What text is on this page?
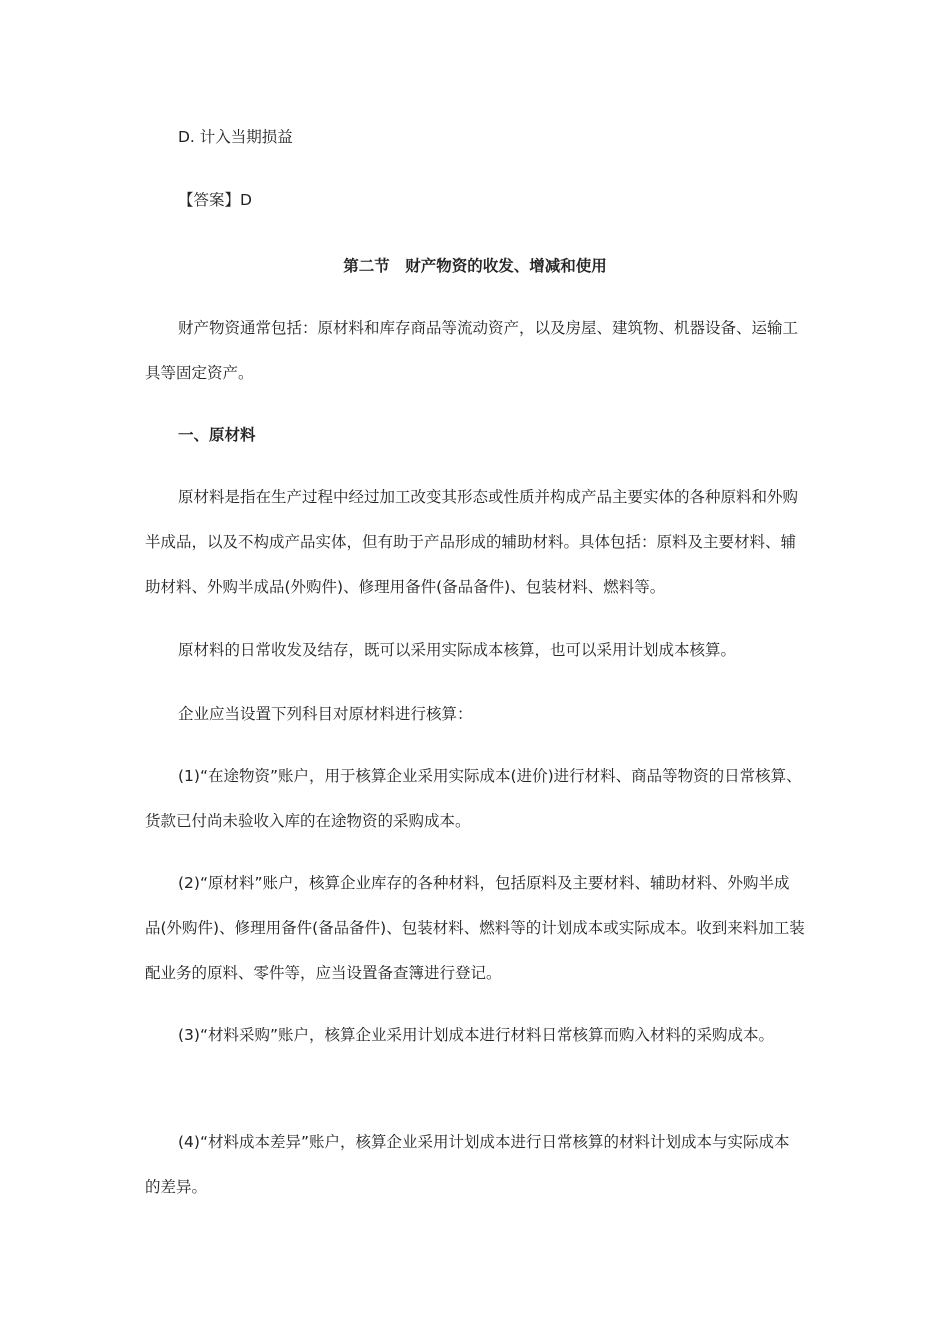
D. 计入当期损益

【答案】D

第二节　财产物资的收发、增减和使用

财产物资通常包括：原材料和库存商品等流动资产，以及房屋、建筑物、机器设备、运输工具等固定资产。

一、原材料

原材料是指在生产过程中经过加工改变其形态或性质并构成产品主要实体的各种原料和外购半成品，以及不构成产品实体，但有助于产品形成的辅助材料。具体包括：原料及主要材料、辅助材料、外购半成品(外购件)、修理用备件(备品备件)、包装材料、燃料等。

原材料的日常收发及结存，既可以采用实际成本核算，也可以采用计划成本核算。

企业应当设置下列科目对原材料进行核算：

(1)“在途物资”账户，用于核算企业采用实际成本(进价)进行材料、商品等物资的日常核算、货款已付尚未验收入库的在途物资的采购成本。

(2)“原材料”账户，核算企业库存的各种材料，包括原料及主要材料、辅助材料、外购半成品(外购件)、修理用备件(备品备件)、包装材料、燃料等的计划成本或实际成本。收到来料加工装配业务的原料、零件等，应当设置备查簿进行登记。

(3)“材料采购”账户，核算企业采用计划成本进行材料日常核算而购入材料的采购成本。

(4)“材料成本差异”账户，核算企业采用计划成本进行日常核算的材料计划成本与实际成本的差异。
